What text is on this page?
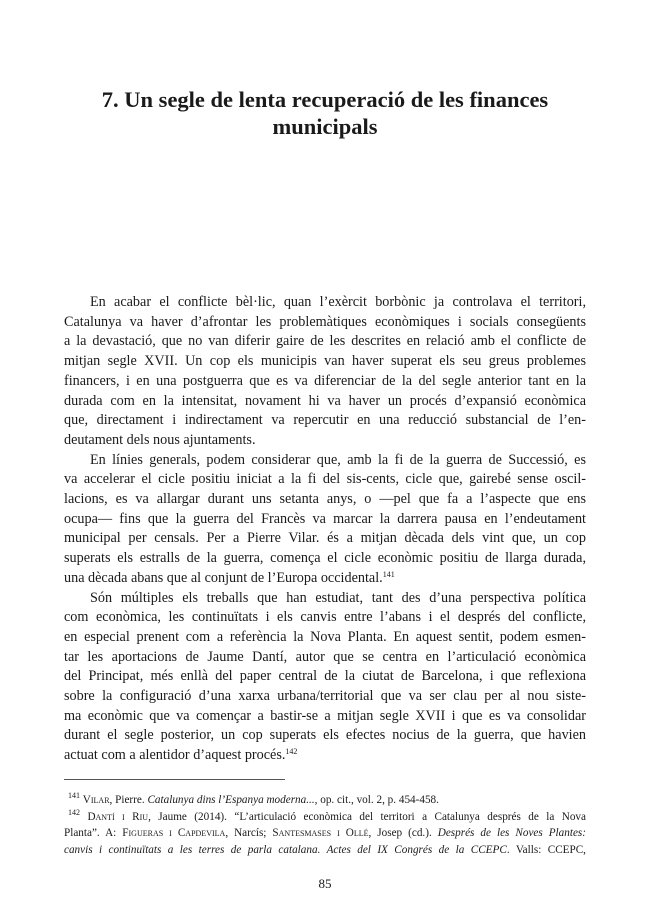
7. Un segle de lenta recuperació de les finances
municipals

En acabar el conflicte bèl·lic, quan l’exèrcit borbònic ja controlava el territori,
Catalunya va haver d’afrontar les problemàtiques econòmiques i socials consegüents
a la devastació, que no van diferir gaire de les descrites en relació amb el conflicte de
mitjan segle XVII. Un cop els municipis van haver superat els seu greus problemes
financers, i en una postguerra que es va diferenciar de la del segle anterior tant en la
durada com en la intensitat, novament hi va haver un procés d’expansió econòmica
que, directament i indirectament va repercutir en una reducció substancial de l’en-
deutament dels nous ajuntaments.

En línies generals, podem considerar que, amb la fi de la guerra de Successió, es
va accelerar el cicle positiu iniciat a la fi del sis-cents, cicle que, gairebé sense oscil-
lacions, es va allargar durant uns setanta anys, o —pel que fa a l’aspecte que ens
ocupa— fins que la guerra del Francès va marcar la darrera pausa en l’endeutament
municipal per censals. Per a Pierre Vilar. és a mitjan dècada dels vint que, un cop
superats els estralls de la guerra, comença el cicle econòmic positiu de llarga durada,
una dècada abans que al conjunt de l’Europa occidental.$^{141}$

Són múltiples els treballs que han estudiat, tant des d’una perspectiva política
com econòmica, les continuïtats i els canvis entre l’abans i el després del conflicte,
en especial prenent com a referència la Nova Planta. En aquest sentit, podem esmen-
tar les aportacions de Jaume Dantí, autor que se centra en l’articulació econòmica
del Principat, més enllà del paper central de la ciutat de Barcelona, i que reflexiona
sobre la configuració d’una xarxa urbana/territorial que va ser clau per al nou siste-
ma econòmic que va començar a bastir-se a mitjan segle XVII i que es va consolidar
durant el segle posterior, un cop superats els efectes nocius de la guerra, que havien
actuat com a alentidor d’aquest procés.$^{142}$

$^{141}$ Vilar, Pierre. Catalunya dins l’Espanya moderna..., op. cit., vol. 2, p. 454-458.
$^{142}$ Dantí i Riu, Jaume (2014). “L’articulació econòmica del territori a Catalunya després de la Nova
Planta”. A: Figueras i Capdevila, Narcís; Santesmases i Ollé, Josep (cd.). Després de les Noves Plantes:
canvis i continuïtats a les terres de parla catalana. Actes del IX Congrés de la CCEPC. Valls: CCEPC,
85
